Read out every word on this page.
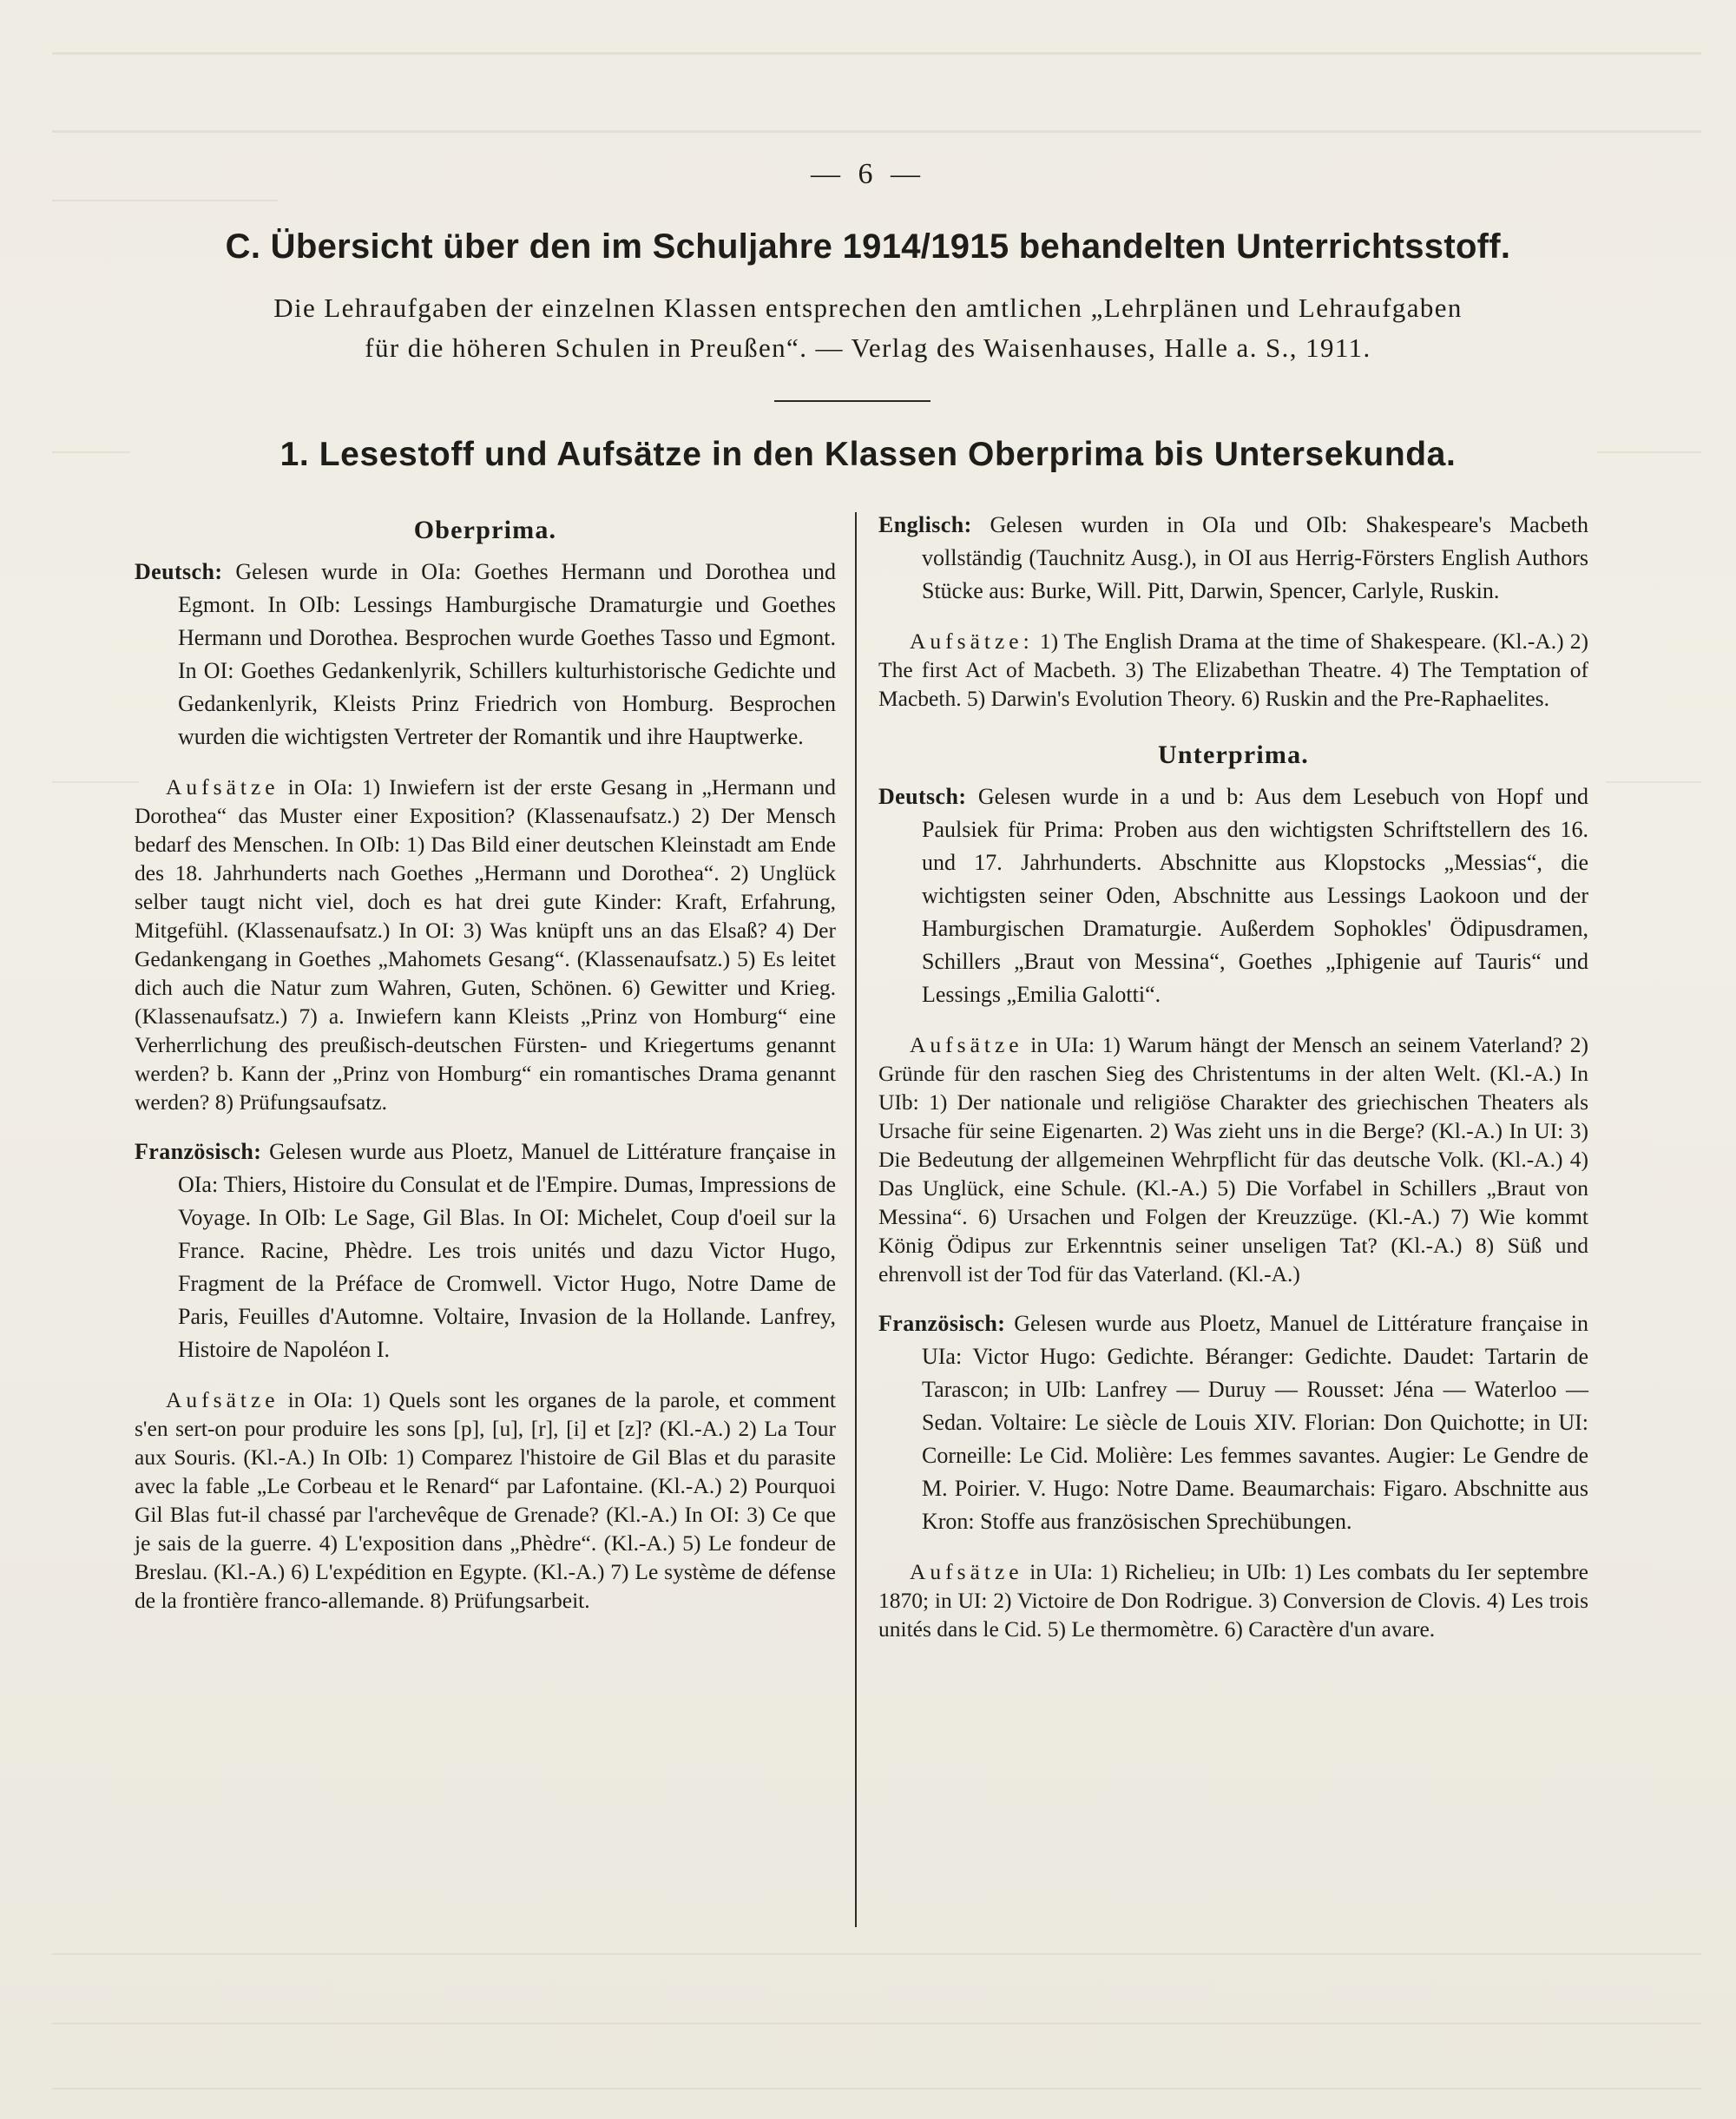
— 6 —
C. Übersicht über den im Schuljahre 1914/1915 behandelten Unterrichtsstoff.
Die Lehraufgaben der einzelnen Klassen entsprechen den amtlichen „Lehrplänen und Lehraufgaben
für die höheren Schulen in Preußen“. — Verlag des Waisenhauses, Halle a. S., 1911.
1. Lesestoff und Aufsätze in den Klassen Oberprima bis Untersekunda.
Oberprima.

Deutsch: Gelesen wurde in OIa: Goethes Hermann und Dorothea und Egmont. In OIb: Lessings Hamburgische Dramaturgie und Goethes Hermann und Dorothea. Besprochen wurde Goethes Tasso und Egmont. In OI: Goethes Gedankenlyrik, Schillers kulturhistorische Gedichte und Gedankenlyrik, Kleists Prinz Friedrich von Homburg. Besprochen wurden die wichtigsten Vertreter der Romantik und ihre Hauptwerke.

Aufsätze in OIa: 1) Inwiefern ist der erste Gesang in „Hermann und Dorothea“ das Muster einer Exposition? (Klassenaufsatz.) 2) Der Mensch bedarf des Menschen. In OIb: 1) Das Bild einer deutschen Kleinstadt am Ende des 18. Jahrhunderts nach Goethes „Hermann und Dorothea“. 2) Unglück selber taugt nicht viel, doch es hat drei gute Kinder: Kraft, Erfahrung, Mitgefühl. (Klassenaufsatz.) In OI: 3) Was knüpft uns an das Elsaß? 4) Der Gedankengang in Goethes „Mahomets Gesang“. (Klassenaufsatz.) 5) Es leitet dich auch die Natur zum Wahren, Guten, Schönen. 6) Gewitter und Krieg. (Klassenaufsatz.) 7) a. Inwiefern kann Kleists „Prinz von Homburg“ eine Verherrlichung des preußisch-deutschen Fürsten- und Kriegertums genannt werden? b. Kann der „Prinz von Homburg“ ein romantisches Drama genannt werden? 8) Prüfungsaufsatz.

Französisch: Gelesen wurde aus Ploetz, Manuel de Littérature française in OIa: Thiers, Histoire du Consulat et de l'Empire. Dumas, Impressions de Voyage. In OIb: Le Sage, Gil Blas. In OI: Michelet, Coup d'oeil sur la France. Racine, Phèdre. Les trois unités und dazu Victor Hugo, Fragment de la Préface de Cromwell. Victor Hugo, Notre Dame de Paris, Feuilles d'Automne. Voltaire, Invasion de la Hollande. Lanfrey, Histoire de Napoléon I.

Aufsätze in OIa: 1) Quels sont les organes de la parole, et comment s'en sert-on pour produire les sons [p], [u], [r], [i] et [z]? (Kl.-A.) 2) La Tour aux Souris. (Kl.-A.) In OIb: 1) Comparez l'histoire de Gil Blas et du parasite avec la fable „Le Corbeau et le Renard“ par Lafontaine. (Kl.-A.) 2) Pourquoi Gil Blas fut-il chassé par l'archevêque de Grenade? (Kl.-A.) In OI: 3) Ce que je sais de la guerre. 4) L'exposition dans „Phèdre“. (Kl.-A.) 5) Le fondeur de Breslau. (Kl.-A.) 6) L'expédition en Egypte. (Kl.-A.) 7) Le système de défense de la frontière franco-allemande. 8) Prüfungsarbeit.

Englisch: Gelesen wurden in OIa und OIb: Shakespeare's Macbeth vollständig (Tauchnitz Ausg.), in OI aus Herrig-Försters English Authors Stücke aus: Burke, Will. Pitt, Darwin, Spencer, Carlyle, Ruskin.

Aufsätze: 1) The English Drama at the time of Shakespeare. (Kl.-A.) 2) The first Act of Macbeth. 3) The Elizabethan Theatre. 4) The Temptation of Macbeth. 5) Darwin's Evolution Theory. 6) Ruskin and the Pre-Raphaelites.

Unterprima.

Deutsch: Gelesen wurde in a und b: Aus dem Lesebuch von Hopf und Paulsiek für Prima: Proben aus den wichtigsten Schriftstellern des 16. und 17. Jahrhunderts. Abschnitte aus Klopstocks „Messias“, die wichtigsten seiner Oden, Abschnitte aus Lessings Laokoon und der Hamburgischen Dramaturgie. Außerdem Sophokles' Ödipusdramen, Schillers „Braut von Messina“, Goethes „Iphigenie auf Tauris“ und Lessings „Emilia Galotti“.

Aufsätze in UIa: 1) Warum hängt der Mensch an seinem Vaterland? 2) Gründe für den raschen Sieg des Christentums in der alten Welt. (Kl.-A.) In UIb: 1) Der nationale und religiöse Charakter des griechischen Theaters als Ursache für seine Eigenarten. 2) Was zieht uns in die Berge? (Kl.-A.) In UI: 3) Die Bedeutung der allgemeinen Wehrpflicht für das deutsche Volk. (Kl.-A.) 4) Das Unglück, eine Schule. (Kl.-A.) 5) Die Vorfabel in Schillers „Braut von Messina“. 6) Ursachen und Folgen der Kreuzzüge. (Kl.-A.) 7) Wie kommt König Ödipus zur Erkenntnis seiner unseligen Tat? (Kl.-A.) 8) Süß und ehrenvoll ist der Tod für das Vaterland. (Kl.-A.)

Französisch: Gelesen wurde aus Ploetz, Manuel de Littérature française in UIa: Victor Hugo: Gedichte. Béranger: Gedichte. Daudet: Tartarin de Tarascon; in UIb: Lanfrey — Duruy — Rousset: Jéna — Waterloo — Sedan. Voltaire: Le siècle de Louis XIV. Florian: Don Quichotte; in UI: Corneille: Le Cid. Molière: Les femmes savantes. Augier: Le Gendre de M. Poirier. V. Hugo: Notre Dame. Beaumarchais: Figaro. Abschnitte aus Kron: Stoffe aus französischen Sprechübungen.

Aufsätze in UIa: 1) Richelieu; in UIb: 1) Les combats du Ier septembre 1870; in UI: 2) Victoire de Don Rodrigue. 3) Conversion de Clovis. 4) Les trois unités dans le Cid. 5) Le thermomètre. 6) Caractère d'un avare.
